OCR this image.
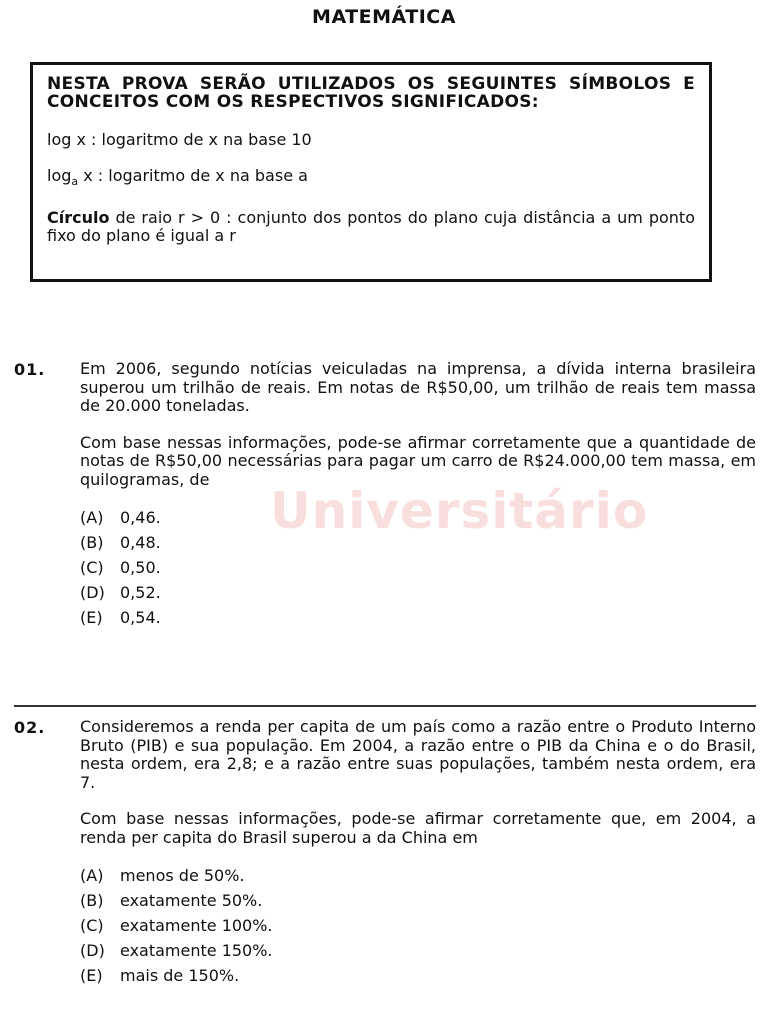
MATEMÁTICA

NESTA PROVA SERÃO UTILIZADOS OS SEGUINTES SÍMBOLOS E CONCEITOS COM OS RESPECTIVOS SIGNIFICADOS:

log x : logaritmo de x na base 10

$\log_a x$ : logaritmo de x na base a

Círculo de raio r > 0 : conjunto dos pontos do plano cuja distância a um ponto fixo do plano é igual a r

Universitário
01. Em 2006, segundo notícias veiculadas na imprensa, a dívida interna brasileira superou um trilhão de reais. Em notas de R$50,00, um trilhão de reais tem massa de 20.000 toneladas.

Com base nessas informações, pode-se afirmar corretamente que a quantidade de notas de R$50,00 necessárias para pagar um carro de R$24.000,00 tem massa, em quilogramas, de

(A) 0,46.
(B) 0,48.
(C) 0,50.
(D) 0,52.
(E) 0,54.
02. Consideremos a renda per capita de um país como a razão entre o Produto Interno Bruto (PIB) e sua população. Em 2004, a razão entre o PIB da China e o do Brasil, nesta ordem, era 2,8; e a razão entre suas populações, também nesta ordem, era 7.

Com base nessas informações, pode-se afirmar corretamente que, em 2004, a renda per capita do Brasil superou a da China em

(A) menos de 50%.
(B) exatamente 50%.
(C) exatamente 100%.
(D) exatamente 150%.
(E) mais de 150%.
